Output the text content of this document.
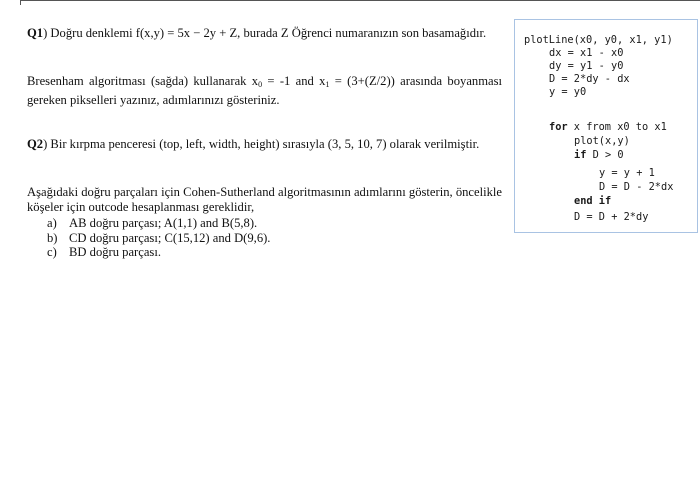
Q1) Doğru denklemi f(x,y) = 5x − 2y + Z, burada Z Öğrenci numaranızın son basamağıdır.
Bresenham algoritması (sağda) kullanarak $x_0 = -1$ and $x_1 = (3+(Z/2))$ arasında boyanması gereken pikselleri yazınız, adımlarınızı gösteriniz.
Q2) Bir kırpma penceresi (top, left, width, height) sırasıyla (3, 5, 10, 7) olarak verilmiştir.
Aşağıdaki doğru parçaları için Cohen-Sutherland algoritmasının adımlarını gösterin, öncelikle köşeler için outcode hesaplanması gereklidir,
a) AB doğru parçası; A(1,1) and B(5,8).
b) CD doğru parçası; C(15,12) and D(9,6).
c) BD doğru parçası.
plotLine(x0, y0, x1, y1)
dx = x1 - x0
dy = y1 - y0
D = 2*dy - dx
y = y0
for x from x0 to x1
plot(x,y)
if D > 0
y = y + 1
D = D - 2*dx
end if
D = D + 2*dy
